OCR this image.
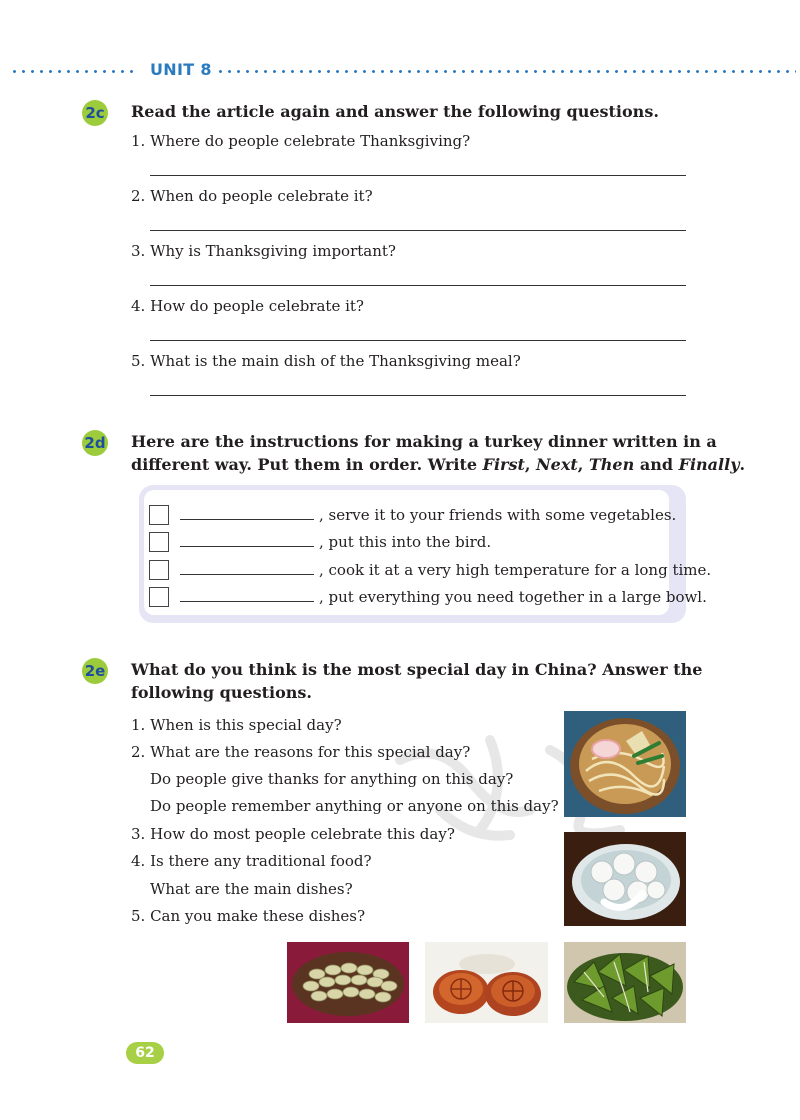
UNIT 8
2c Read the article again and answer the following questions.
1. Where do people celebrate Thanksgiving?
2. When do people celebrate it?
3. Why is Thanksgiving important?
4. How do people celebrate it?
5. What is the main dish of the Thanksgiving meal?
2d Here are the instructions for making a turkey dinner written in a
different way. Put them in order. Write First, Next, Then and Finally.
, serve it to your friends with some vegetables.
, put this into the bird.
, cook it at a very high temperature for a long time.
, put everything you need together in a large bowl.
2e What do you think is the most special day in China? Answer the
following questions.
1. When is this special day?
2. What are the reasons for this special day?
Do people give thanks for anything on this day?
Do people remember anything or anyone on this day?
3. How do most people celebrate this day?
4. Is there any traditional food?
What are the main dishes?
5. Can you make these dishes?
62
